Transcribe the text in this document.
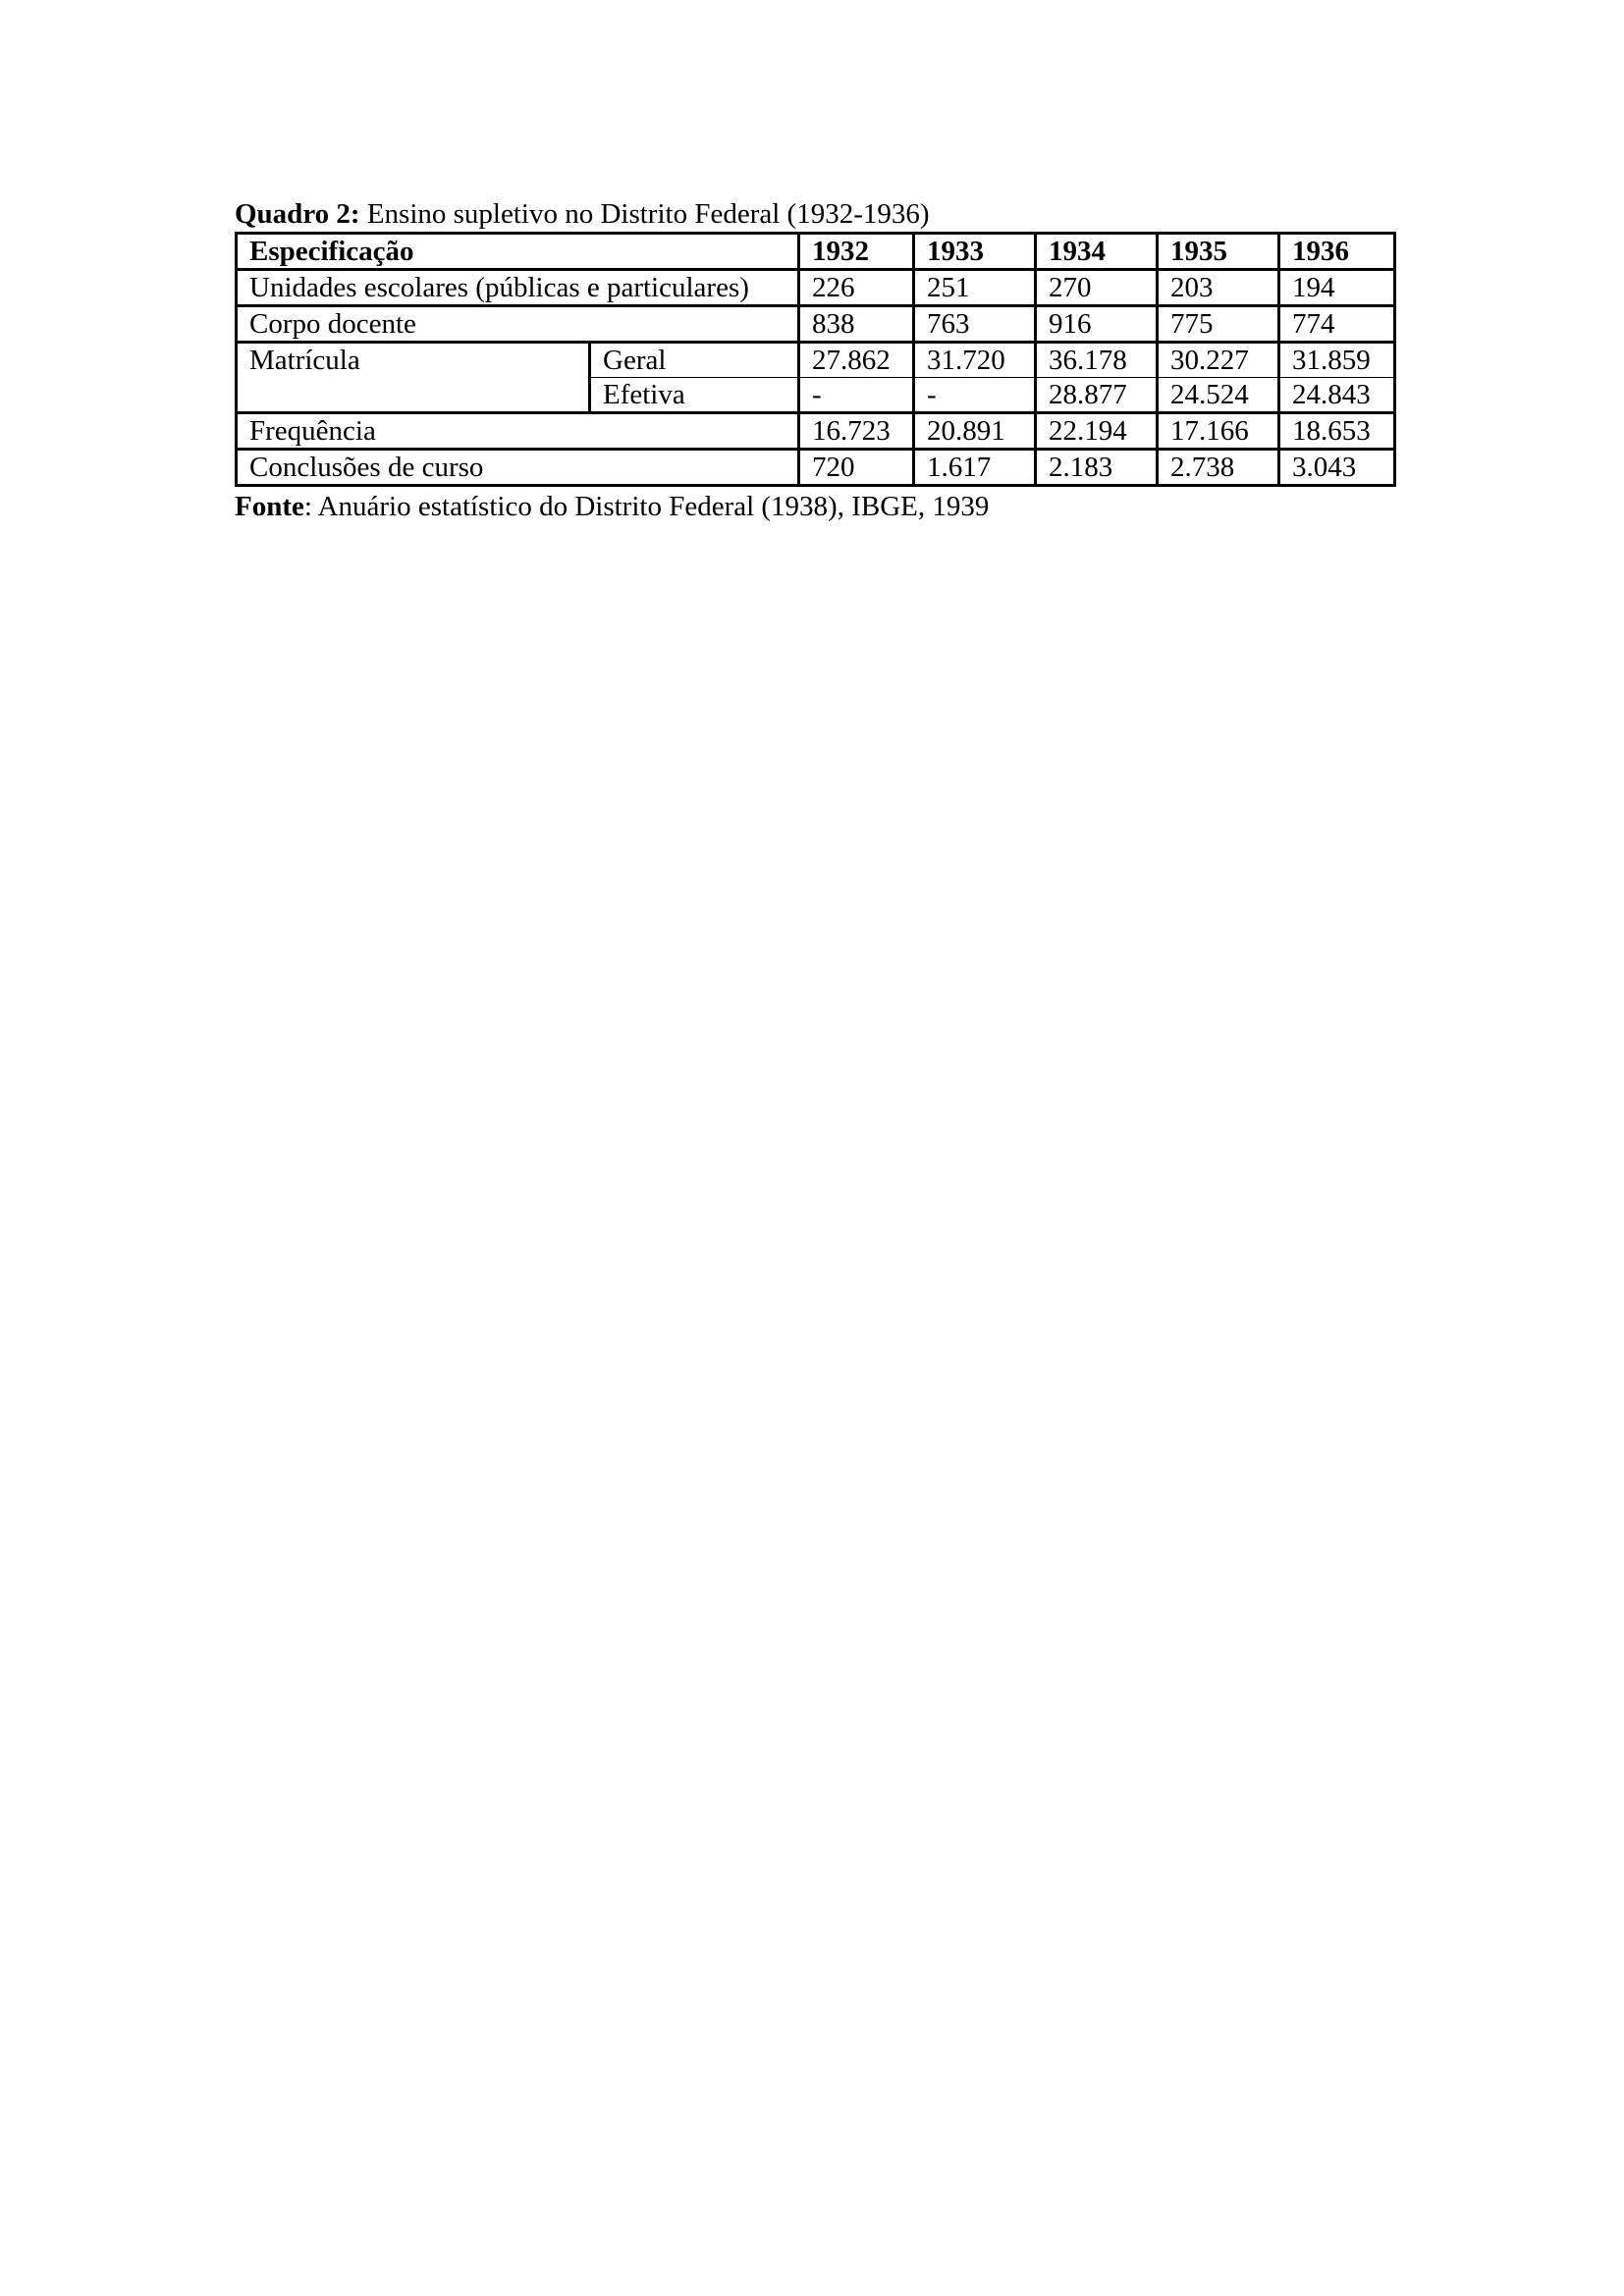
Quadro 2: Ensino supletivo no Distrito Federal (1932-1936)
Especificação		1932	1933	1934	1935	1936
Unidades escolares (públicas e particulares)		226	251	270	203	194
Corpo docente		838	763	916	775	774
Matrícula	Geral	27.862	31.720	36.178	30.227	31.859
	Efetiva	-	-	28.877	24.524	24.843
Frequência		16.723	20.891	22.194	17.166	18.653
Conclusões de curso		720	1.617	2.183	2.738	3.043
Fonte: Anuário estatístico do Distrito Federal (1938), IBGE, 1939
